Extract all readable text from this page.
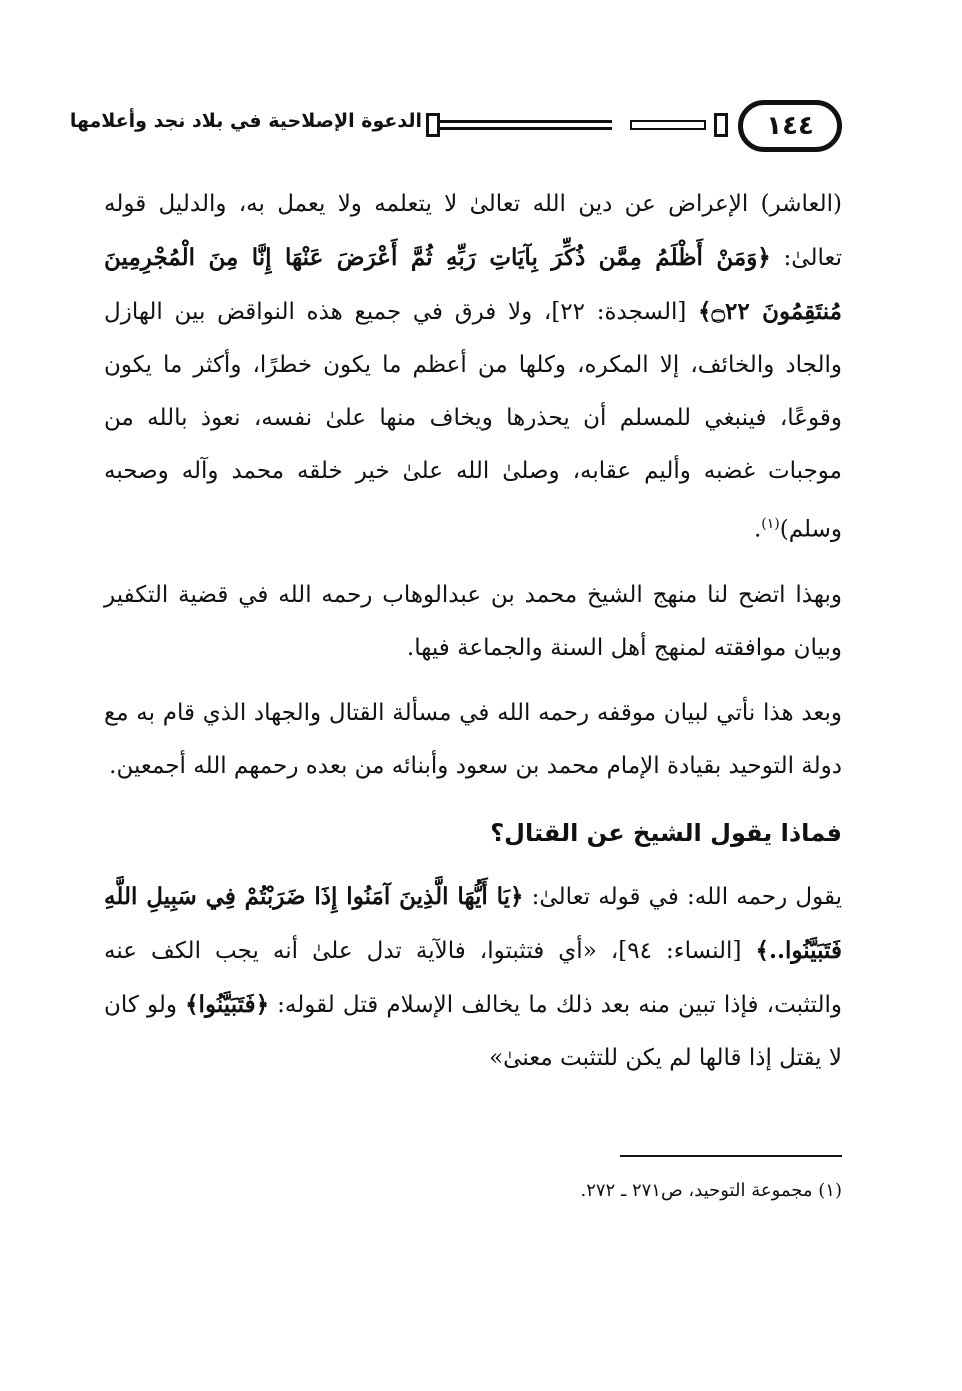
١٤٤
الدعوة الإصلاحية في بلاد نجد وأعلامها

(العاشر) الإعراض عن دين الله تعالىٰ لا يتعلمه ولا يعمل به، والدليل قوله تعالىٰ: ﴿وَمَنْ أَظْلَمُ مِمَّن ذُكِّرَ بِآيَاتِ رَبِّهِ ثُمَّ أَعْرَضَ عَنْهَا إِنَّا مِنَ الْمُجْرِمِينَ مُنتَقِمُونَ ۝٢٢﴾ [السجدة: ٢٢]، ولا فرق في جميع هذه النواقض بين الهازل والجاد والخائف، إلا المكره، وكلها من أعظم ما يكون خطرًا، وأكثر ما يكون وقوعًا، فينبغي للمسلم أن يحذرها ويخاف منها علىٰ نفسه، نعوذ بالله من موجبات غضبه وأليم عقابه، وصلىٰ الله علىٰ خير خلقه محمد وآله وصحبه وسلم)$^{(١)}$.

وبهذا اتضح لنا منهج الشيخ محمد بن عبدالوهاب رحمه الله في قضية التكفير وبيان موافقته لمنهج أهل السنة والجماعة فيها.

وبعد هذا نأتي لبيان موقفه رحمه الله في مسألة القتال والجهاد الذي قام به مع دولة التوحيد بقيادة الإمام محمد بن سعود وأبنائه من بعده رحمهم الله أجمعين.

فماذا يقول الشيخ عن القتال؟

يقول رحمه الله: في قوله تعالىٰ: ﴿يَا أَيُّهَا الَّذِينَ آمَنُوا إِذَا ضَرَبْتُمْ فِي سَبِيلِ اللَّهِ فَتَبَيَّنُوا..﴾ [النساء: ٩٤]، «أي فتثبتوا، فالآية تدل علىٰ أنه يجب الكف عنه والتثبت، فإذا تبين منه بعد ذلك ما يخالف الإسلام قتل لقوله: ﴿فَتَبَيَّنُوا﴾ ولو كان لا يقتل إذا قالها لم يكن للتثبت معنىٰ»

(١) مجموعة التوحيد، ص٢٧١ ـ ٢٧٢.
